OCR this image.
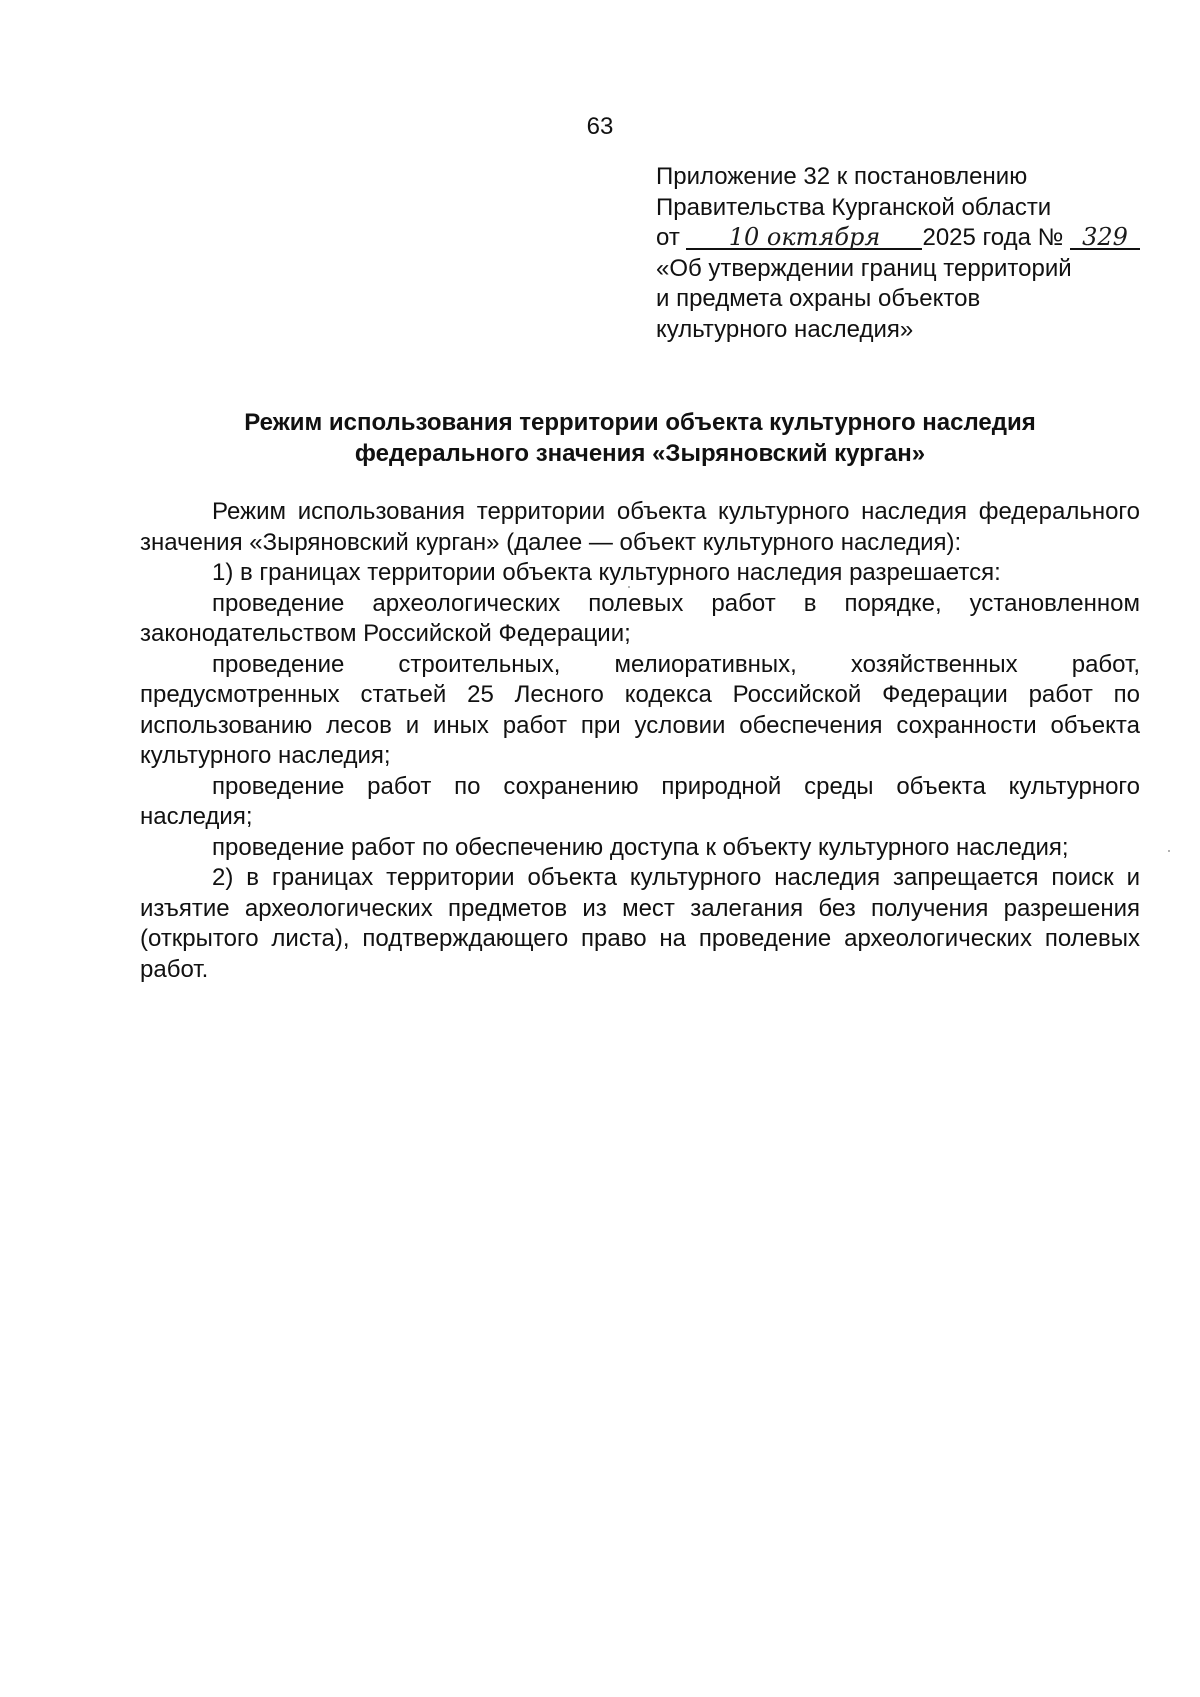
63
Приложение 32 к постановлению
Правительства Курганской области
от 10 октября 2025 года № 329
«Об утверждении границ территорий
и предмета охраны объектов
культурного наследия»
Режим использования территории объекта культурного наследия
федерального значения «Зыряновский курган»

Режим использования территории объекта культурного наследия федерального значения «Зыряновский курган» (далее — объект культурного наследия):

1) в границах территории объекта культурного наследия разрешается:

проведение археологических полевых работ в порядке, установленном законодательством Российской Федерации;

проведение строительных, мелиоративных, хозяйственных работ, предусмотренных статьей 25 Лесного кодекса Российской Федерации работ по использованию лесов и иных работ при условии обеспечения сохранности объекта культурного наследия;

проведение работ по сохранению природной среды объекта культурного наследия;

проведение работ по обеспечению доступа к объекту культурного наследия;

2) в границах территории объекта культурного наследия запрещается поиск и изъятие археологических предметов из мест залегания без получения разрешения (открытого листа), подтверждающего право на проведение археологических полевых работ.
